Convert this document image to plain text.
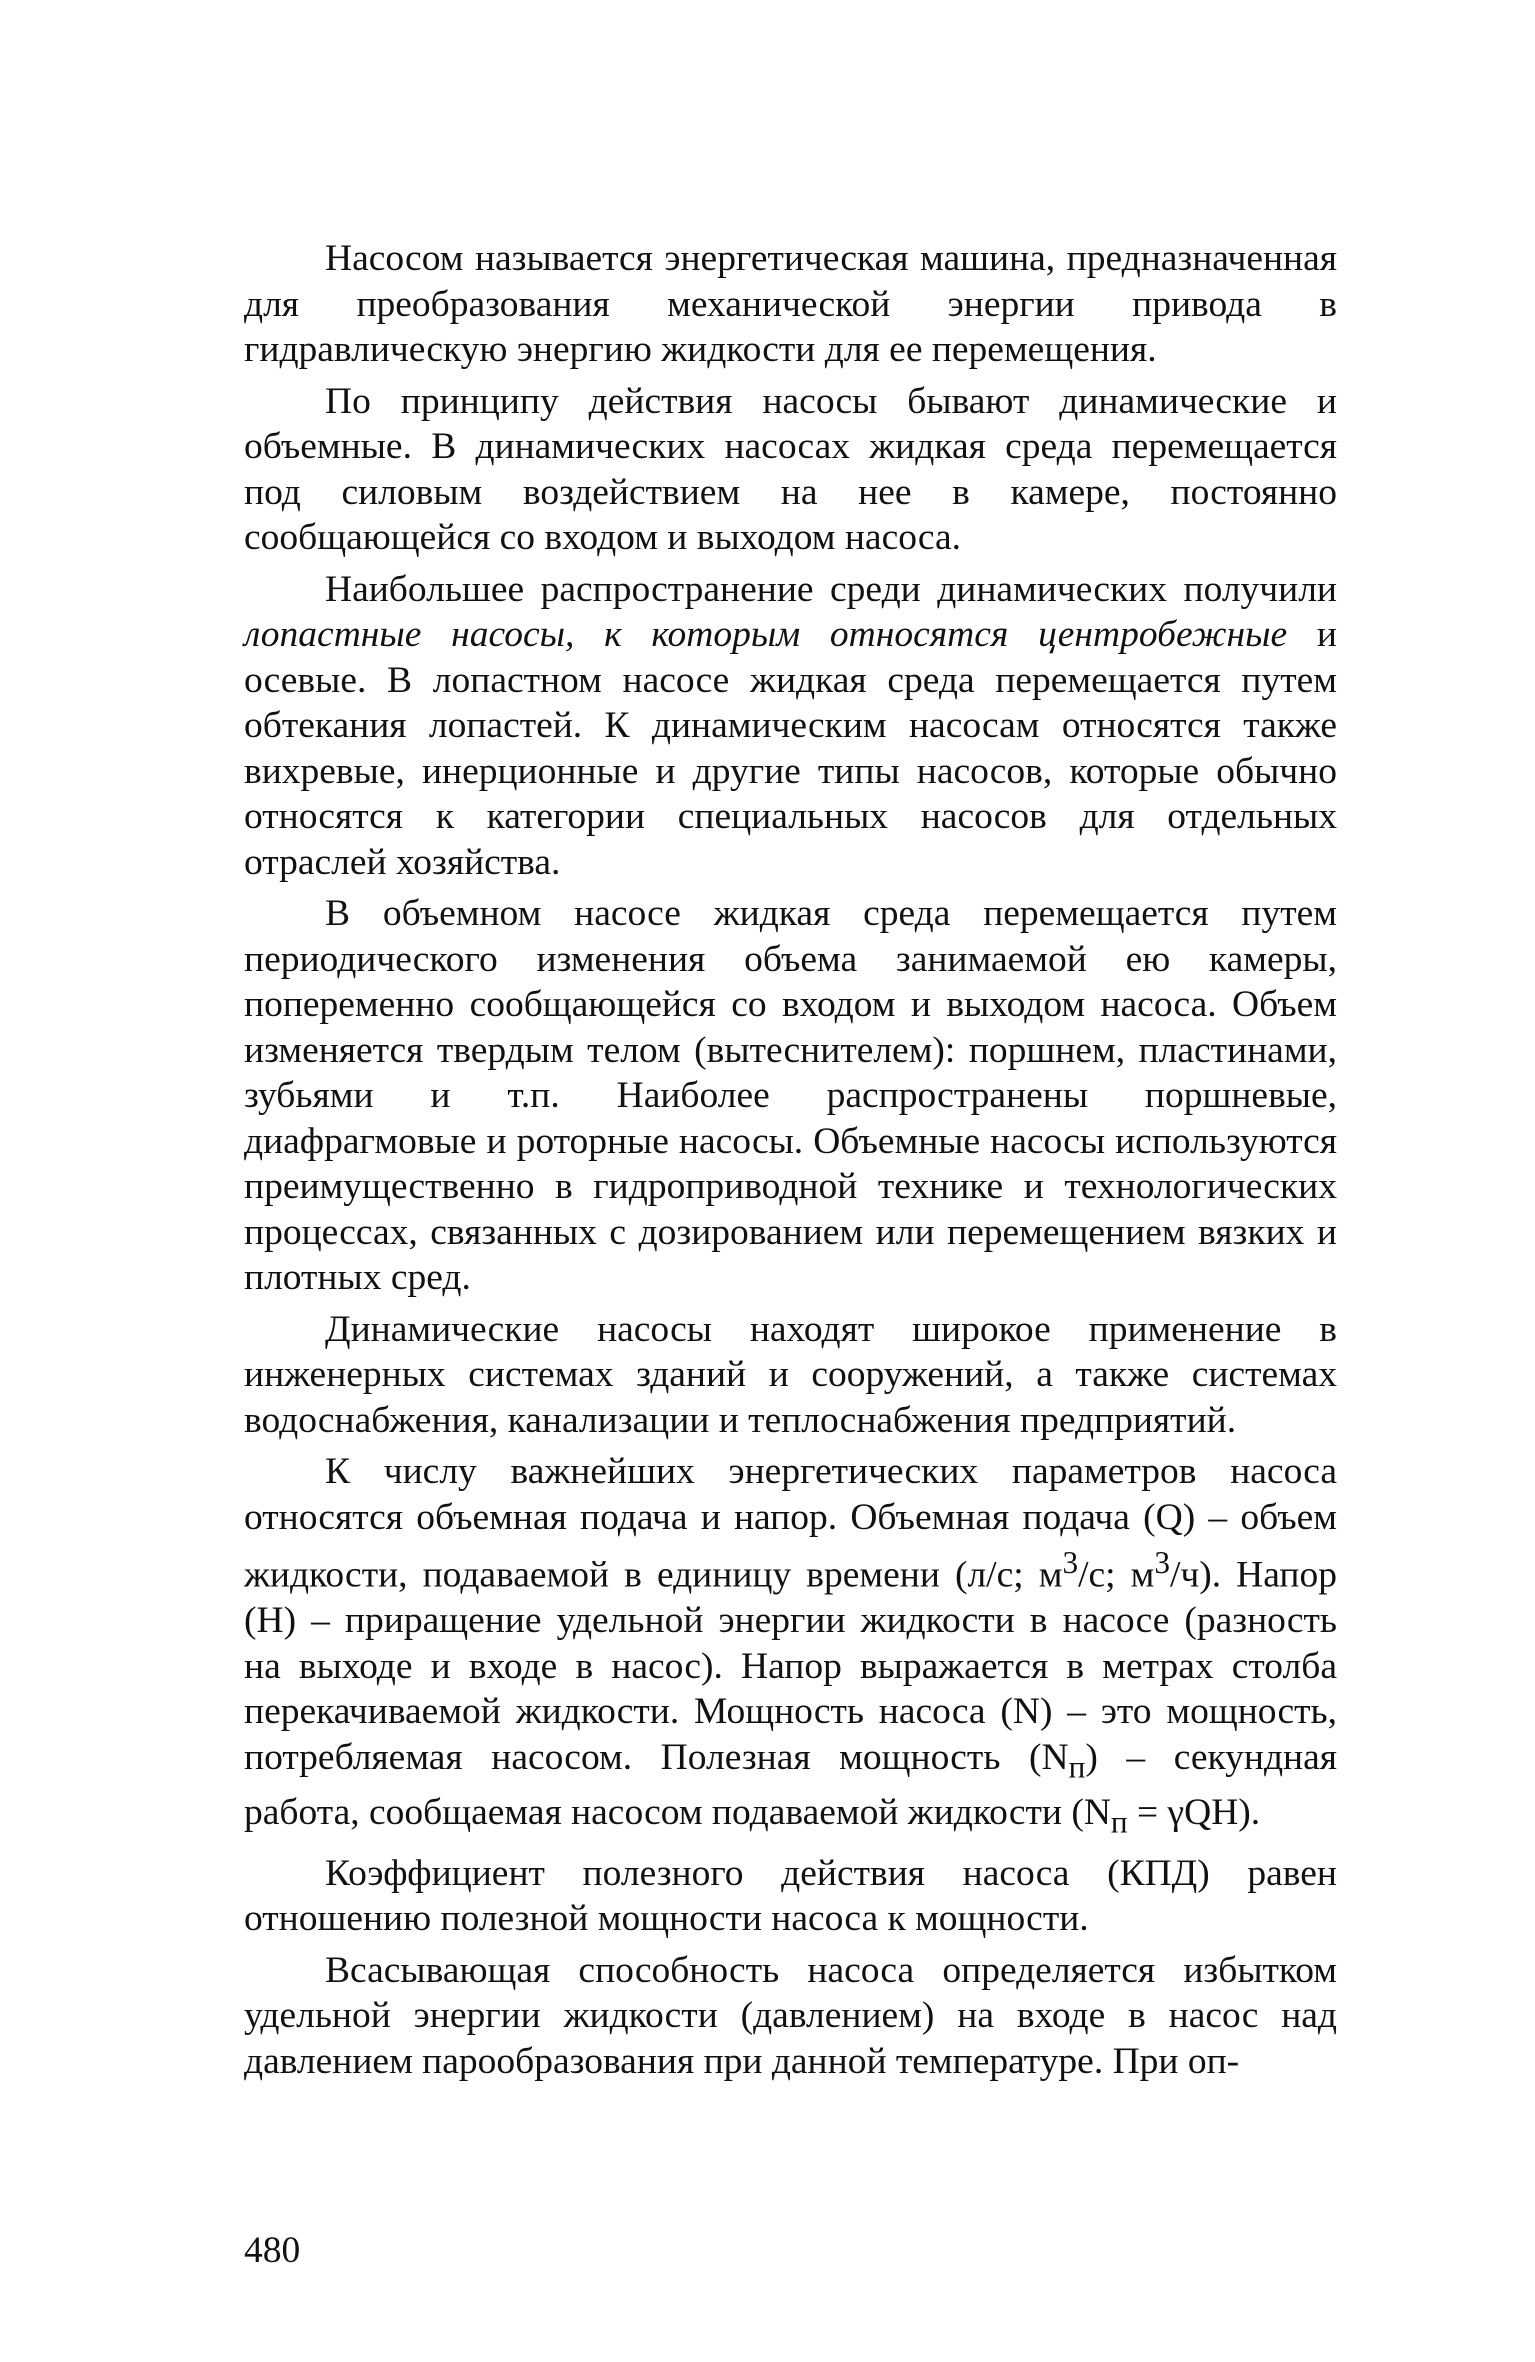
Насосом называется энергетическая машина, предназначенная для преобразования механической энергии привода в гидравлическую энергию жидкости для ее перемещения.

По принципу действия насосы бывают динамические и объемные. В динамических насосах жидкая среда перемещается под силовым воздействием на нее в камере, постоянно сообщающейся со входом и выходом насоса.

Наибольшее распространение среди динамических получили лопастные насосы, к которым относятся центробежные и осевые. В лопастном насосе жидкая среда перемещается путем обтекания лопастей. К динамическим насосам относятся также вихревые, инерционные и другие типы насосов, которые обычно относятся к категории специальных насосов для отдельных отраслей хозяйства.

В объемном насосе жидкая среда перемещается путем периодического изменения объема занимаемой ею камеры, попеременно сообщающейся со входом и выходом насоса. Объем изменяется твердым телом (вытеснителем): поршнем, пластинами, зубьями и т.п. Наиболее распространены поршневые, диафрагмовые и роторные насосы. Объемные насосы используются преимущественно в гидроприводной технике и технологических процессах, связанных с дозированием или перемещением вязких и плотных сред.

Динамические насосы находят широкое применение в инженерных системах зданий и сооружений, а также системах водоснабжения, канализации и теплоснабжения предприятий.

К числу важнейших энергетических параметров насоса относятся объемная подача и напор. Объемная подача (Q) – объем жидкости, подаваемой в единицу времени (л/с; $м^3/с$; $м^3/ч$). Напор (H) – приращение удельной энергии жидкости в насосе (разность на выходе и входе в насос). Напор выражается в метрах столба перекачиваемой жидкости. Мощность насоса (N) – это мощность, потребляемая насосом. Полезная мощность $(N_п)$ – секундная работа, сообщаемая насосом подаваемой жидкости $(N_п = \gamma QH)$.

Коэффициент полезного действия насоса (КПД) равен отношению полезной мощности насоса к мощности.

Всасывающая способность насоса определяется избытком удельной энергии жидкости (давлением) на входе в насос над давлением парообразования при данной температуре. При оп-

480
